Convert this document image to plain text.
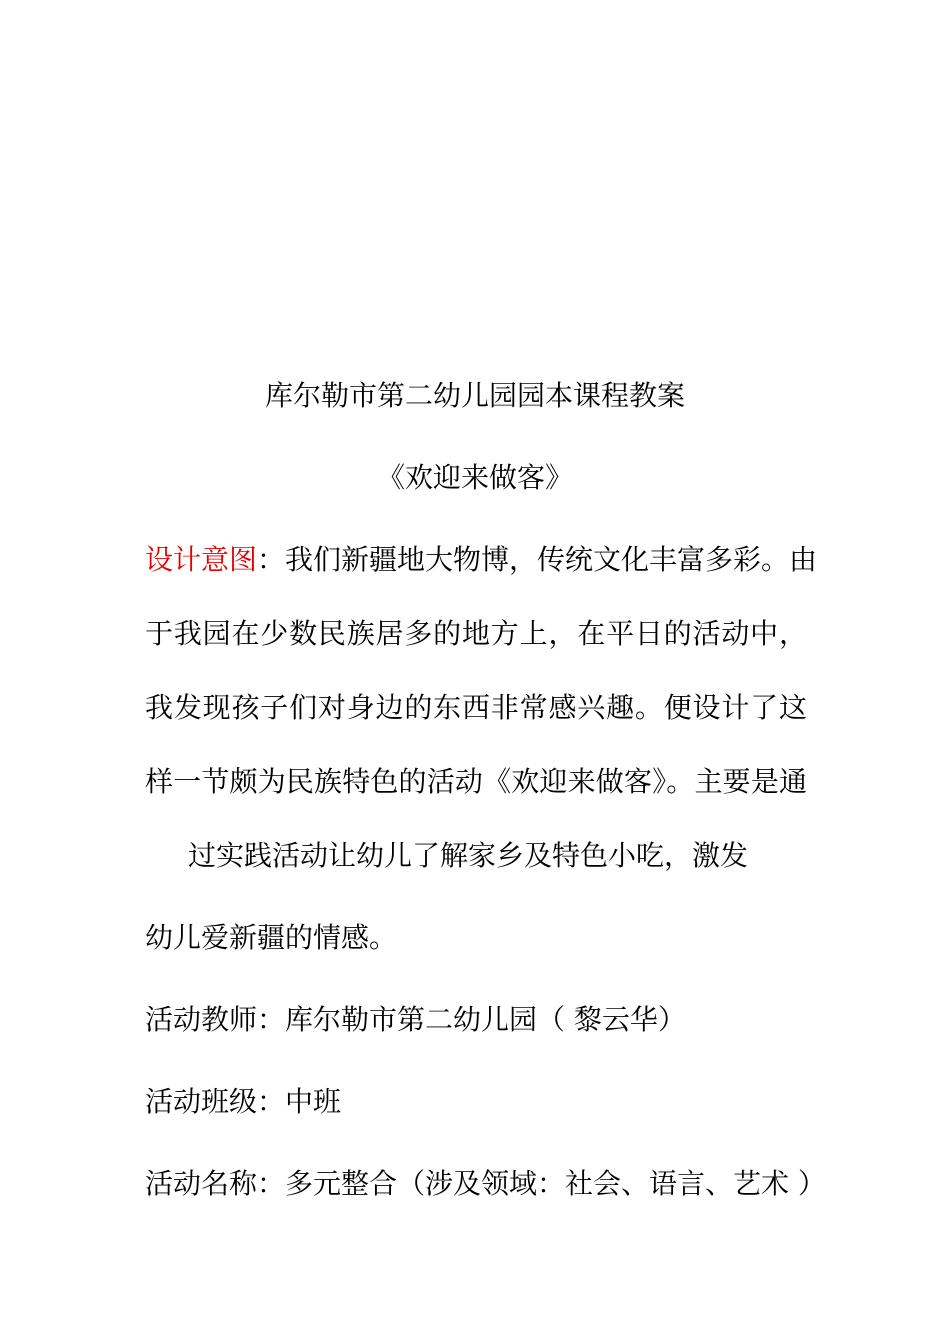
库尔勒市第二幼儿园园本课程教案
《欢迎来做客》
设计意图：我们新疆地大物博，传统文化丰富多彩。由
于我园在少数民族居多的地方上，在平日的活动中，
我发现孩子们对身边的东西非常感兴趣。便设计了这
样一节颇为民族特色的活动《欢迎来做客》。主要是通
过实践活动让幼儿了解家乡及特色小吃，激发
幼儿爱新疆的情感。
活动教师：库尔勒市第二幼儿园（ 黎云华）
活动班级：中班
活动名称：多元整合（涉及领域：社会、语言、艺术 ）
